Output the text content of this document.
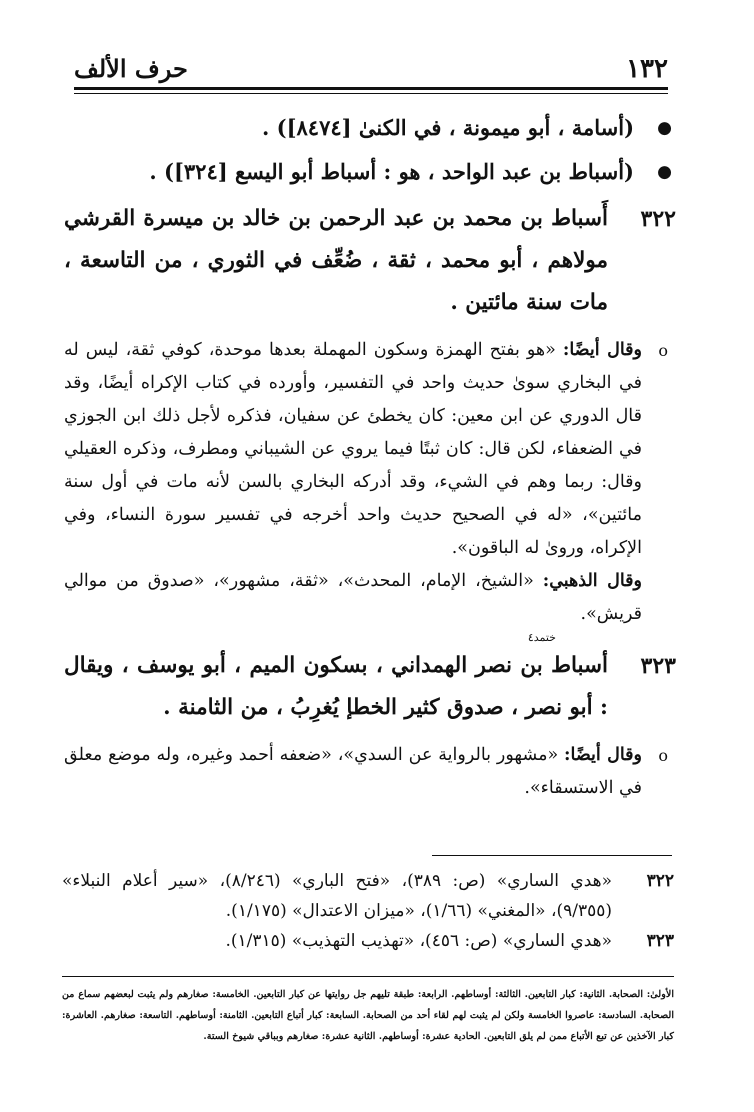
١٣٢
حرف الألف
●
(أسامة ، أبو ميمونة ، في الكنىٰ [٨٤٧٤]) .
●
(أسباط بن عبد الواحد ، هو : أسباط أبو اليسع [٣٢٤]) .
٣٢٢
أَسباط بن محمد بن عبد الرحمن بن خالد بن ميسرة القرشي مولاهم ، أبو محمد ، ثقة ، ضُعِّف في الثوري ، من التاسعة ، مات سنة مائتين .
o
وقال أيضًا: «هو بفتح الهمزة وسكون المهملة بعدها موحدة، كوفي ثقة، ليس له في البخاري سوىٰ حديث واحد في التفسير، وأورده في كتاب الإكراه أيضًا، وقد قال الدوري عن ابن معين: كان يخطئ عن سفيان، فذكره لأجل ذلك ابن الجوزي في الضعفاء، لكن قال: كان ثبتًا فيما يروي عن الشيباني ومطرف، وذكره العقيلي وقال: ربما وهم في الشيء، وقد أدركه البخاري بالسن لأنه مات في أول سنة مائتين»، «له في الصحيح حديث واحد أخرجه في تفسير سورة النساء، وفي الإكراه، وروىٰ له الباقون».
وقال الذهبي: «الشيخ، الإمام، المحدث»، «ثقة، مشهور»، «صدوق من موالي قريش».
ختمد٤
٣٢٣
أسباط بن نصر الهمداني ، بسكون الميم ، أبو يوسف ، ويقال : أبو نصر ، صدوق كثير الخطإ يُغرِبُ ، من الثامنة .
o
وقال أيضًا: «مشهور بالرواية عن السدي»، «ضعفه أحمد وغيره، وله موضع معلق في الاستسقاء».
٣٢٢
«هدي الساري» (ص: ٣٨٩)، «فتح الباري» (٨/٢٤٦)، «سير أعلام النبلاء» (٩/٣٥٥)، «المغني» (١/٦٦)، «ميزان الاعتدال» (١/١٧٥).
٣٢٣
«هدي الساري» (ص: ٤٥٦)، «تهذيب التهذيب» (١/٣١٥).
الأولىٰ: الصحابة. الثانية: كبار التابعين. الثالثة: أوساطهم. الرابعة: طبقة تليهم جل روايتها عن كبار التابعين. الخامسة: صغارهم ولم يثبت لبعضهم سماع من الصحابة. السادسة: عاصروا الخامسة ولكن لم يثبت لهم لقاء أحد من الصحابة. السابعة: كبار أتباع التابعين. الثامنة: أوساطهم. التاسعة: صغارهم. العاشرة: كبار الآخذين عن تبع الأتباع ممن لم يلق التابعين. الحادية عشرة: أوساطهم. الثانية عشرة: صغارهم وبباقي شيوخ الستة.
